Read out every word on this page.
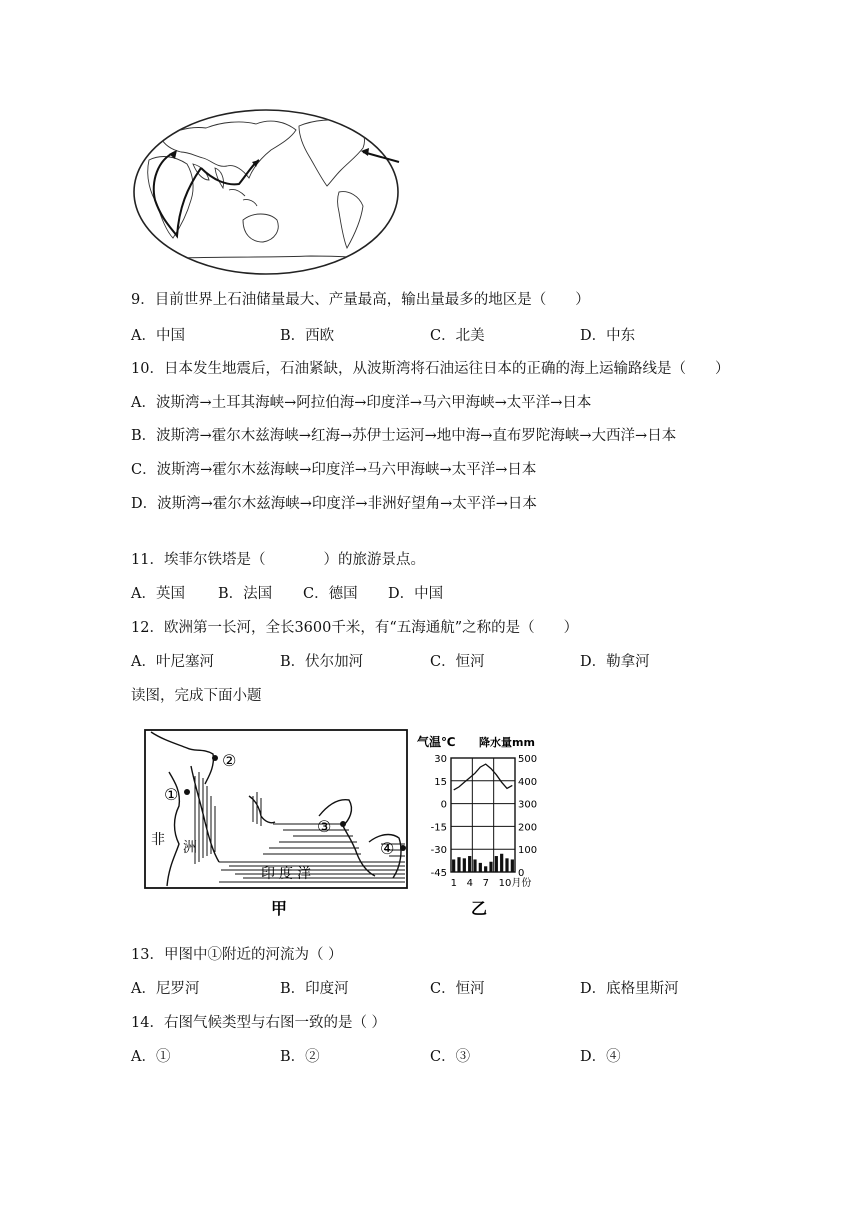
9．目前世界上石油储量最大、产量最高，输出量最多的地区是（　　）
A．中国	B．西欧	C．北美	D．中东
10．日本发生地震后，石油紧缺，从波斯湾将石油运往日本的正确的海上运输路线是（　　）
A．波斯湾→土耳其海峡→阿拉伯海→印度洋→马六甲海峡→太平洋→日本
B．波斯湾→霍尔木兹海峡→红海→苏伊士运河→地中海→直布罗陀海峡→大西洋→日本
C．波斯湾→霍尔木兹海峡→印度洋→马六甲海峡→太平洋→日本
D．波斯湾→霍尔木兹海峡→印度洋→非洲好望角→太平洋→日本
11．埃菲尔铁塔是（　　　　）的旅游景点。
A．英国 B．法国 C．德国 D．中国
12．欧洲第一长河，全长3600千米，有“五海通航”之称的是（　　）
A．叶尼塞河	B．伏尔加河	C．恒河	D．勒拿河
读图，完成下面小题
②
①
③
④
非 洲
印度洋
甲
气温℃ 降水量mm
30
15
0
-15
-30
-45
500
400
300
200
100
0
1 4 7 10月份
乙
13．甲图中①附近的河流为（ ）
A．尼罗河	B．印度河	C．恒河	D．底格里斯河
14．右图气候类型与右图一致的是（ ）
A．①	B．②	C．③	D．④
